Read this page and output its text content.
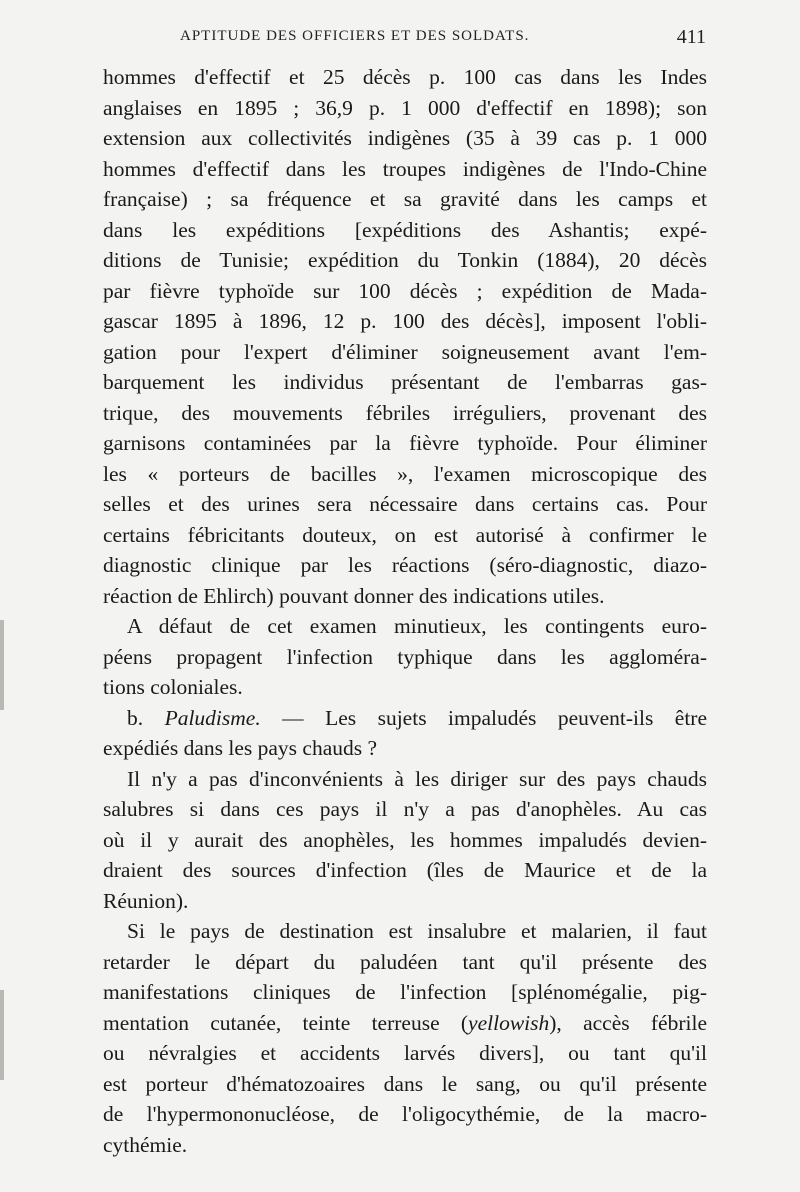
APTITUDE DES OFFICIERS ET DES SOLDATS.	411
hommes d'effectif et 25 décès p. 100 cas dans les Indes
anglaises en 1895 ; 36,9 p. 1 000 d'effectif en 1898); son
extension aux collectivités indigènes (35 à 39 cas p. 1 000
hommes d'effectif dans les troupes indigènes de l'Indo-Chine
française) ; sa fréquence et sa gravité dans les camps et
dans les expéditions [expéditions des Ashantis; expé-
ditions de Tunisie; expédition du Tonkin (1884), 20 décès
par fièvre typhoïde sur 100 décès ; expédition de Mada-
gascar 1895 à 1896, 12 p. 100 des décès], imposent l'obli-
gation pour l'expert d'éliminer soigneusement avant l'em-
barquement les individus présentant de l'embarras gas-
trique, des mouvements fébriles irréguliers, provenant des
garnisons contaminées par la fièvre typhoïde. Pour éliminer
les « porteurs de bacilles », l'examen microscopique des
selles et des urines sera nécessaire dans certains cas. Pour
certains fébricitants douteux, on est autorisé à confirmer le
diagnostic clinique par les réactions (séro-diagnostic, diazo-
réaction de Ehlirch) pouvant donner des indications utiles.
A défaut de cet examen minutieux, les contingents euro-
péens propagent l'infection typhique dans les aggloméra-
tions coloniales.
b. Paludisme. — Les sujets impaludés peuvent-ils être
expédiés dans les pays chauds ?
Il n'y a pas d'inconvénients à les diriger sur des pays chauds
salubres si dans ces pays il n'y a pas d'anophèles. Au cas
où il y aurait des anophèles, les hommes impaludés devien-
draient des sources d'infection (îles de Maurice et de la
Réunion).
Si le pays de destination est insalubre et malarien, il faut
retarder le départ du paludéen tant qu'il présente des
manifestations cliniques de l'infection [splénomégalie, pig-
mentation cutanée, teinte terreuse (yellowish), accès fébrile
ou névralgies et accidents larvés divers], ou tant qu'il
est porteur d'hématozoaires dans le sang, ou qu'il présente
de l'hypermononucléose, de l'oligocythémie, de la macro-
cythémie.
